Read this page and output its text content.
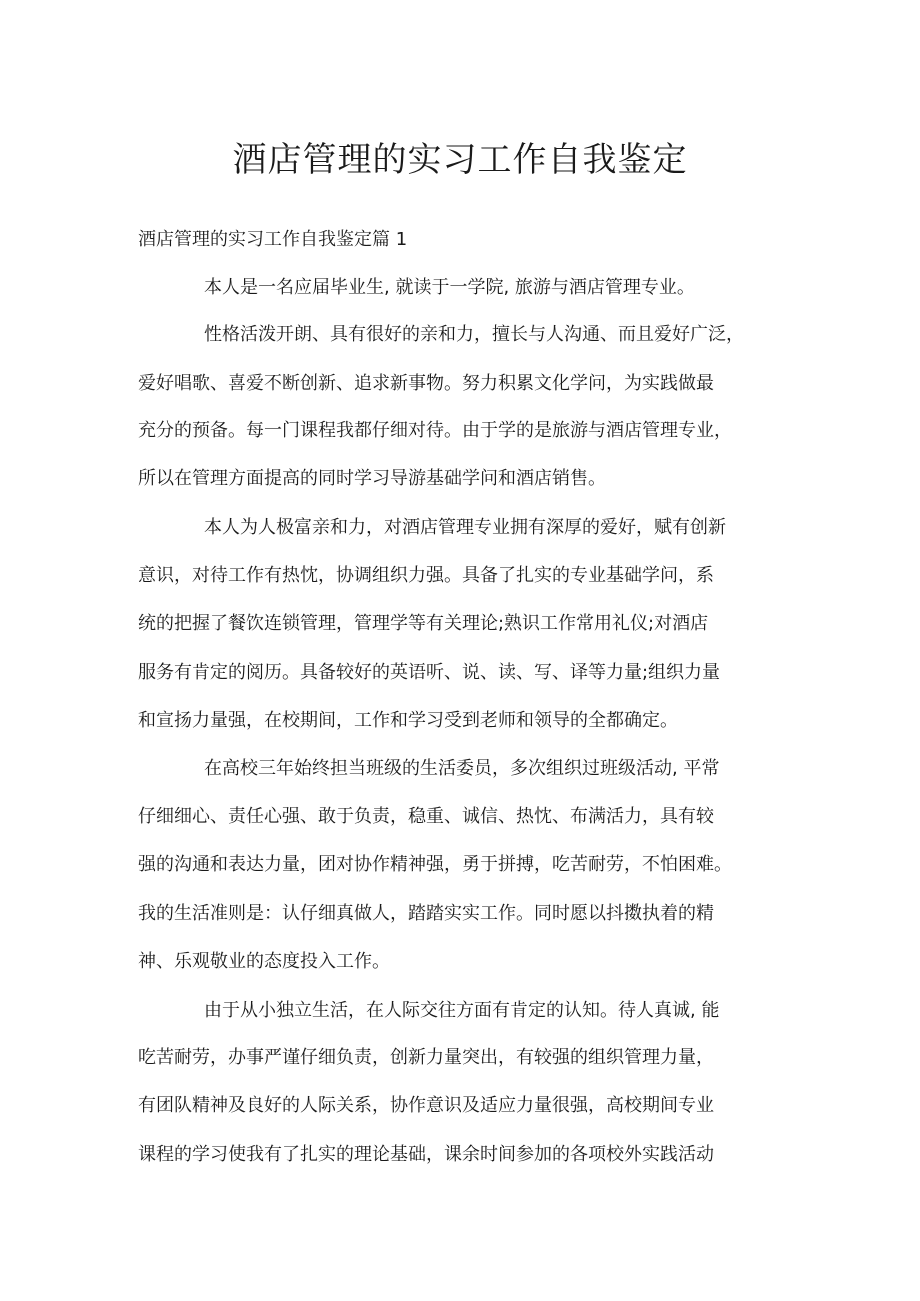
酒店管理的实习工作自我鉴定

酒店管理的实习工作自我鉴定篇 1

本人是一名应届毕业生, 就读于一学院, 旅游与酒店管理专业。

性格活泼开朗、具有很好的亲和力，擅长与人沟通、而且爱好广泛，

爱好唱歌、喜爱不断创新、追求新事物。努力积累文化学问，为实践做最

充分的预备。每一门课程我都仔细对待。由于学的是旅游与酒店管理专业，

所以在管理方面提高的同时学习导游基础学问和酒店销售。

本人为人极富亲和力，对酒店管理专业拥有深厚的爱好，赋有创新

意识，对待工作有热忱，协调组织力强。具备了扎实的专业基础学问，系

统的把握了餐饮连锁管理，管理学等有关理论;熟识工作常用礼仪;对酒店

服务有肯定的阅历。具备较好的英语听、说、读、写、译等力量;组织力量

和宣扬力量强，在校期间，工作和学习受到老师和领导的全都确定。

在高校三年始终担当班级的生活委员，多次组织过班级活动, 平常

仔细细心、责任心强、敢于负责，稳重、诚信、热忱、布满活力，具有较

强的沟通和表达力量，团对协作精神强，勇于拼搏，吃苦耐劳，不怕困难。

我的生活准则是：认仔细真做人，踏踏实实工作。同时愿以抖擞执着的精

神、乐观敬业的态度投入工作。

由于从小独立生活，在人际交往方面有肯定的认知。待人真诚, 能

吃苦耐劳，办事严谨仔细负责，创新力量突出，有较强的组织管理力量，

有团队精神及良好的人际关系，协作意识及适应力量很强，高校期间专业

课程的学习使我有了扎实的理论基础，课余时间参加的各项校外实践活动
